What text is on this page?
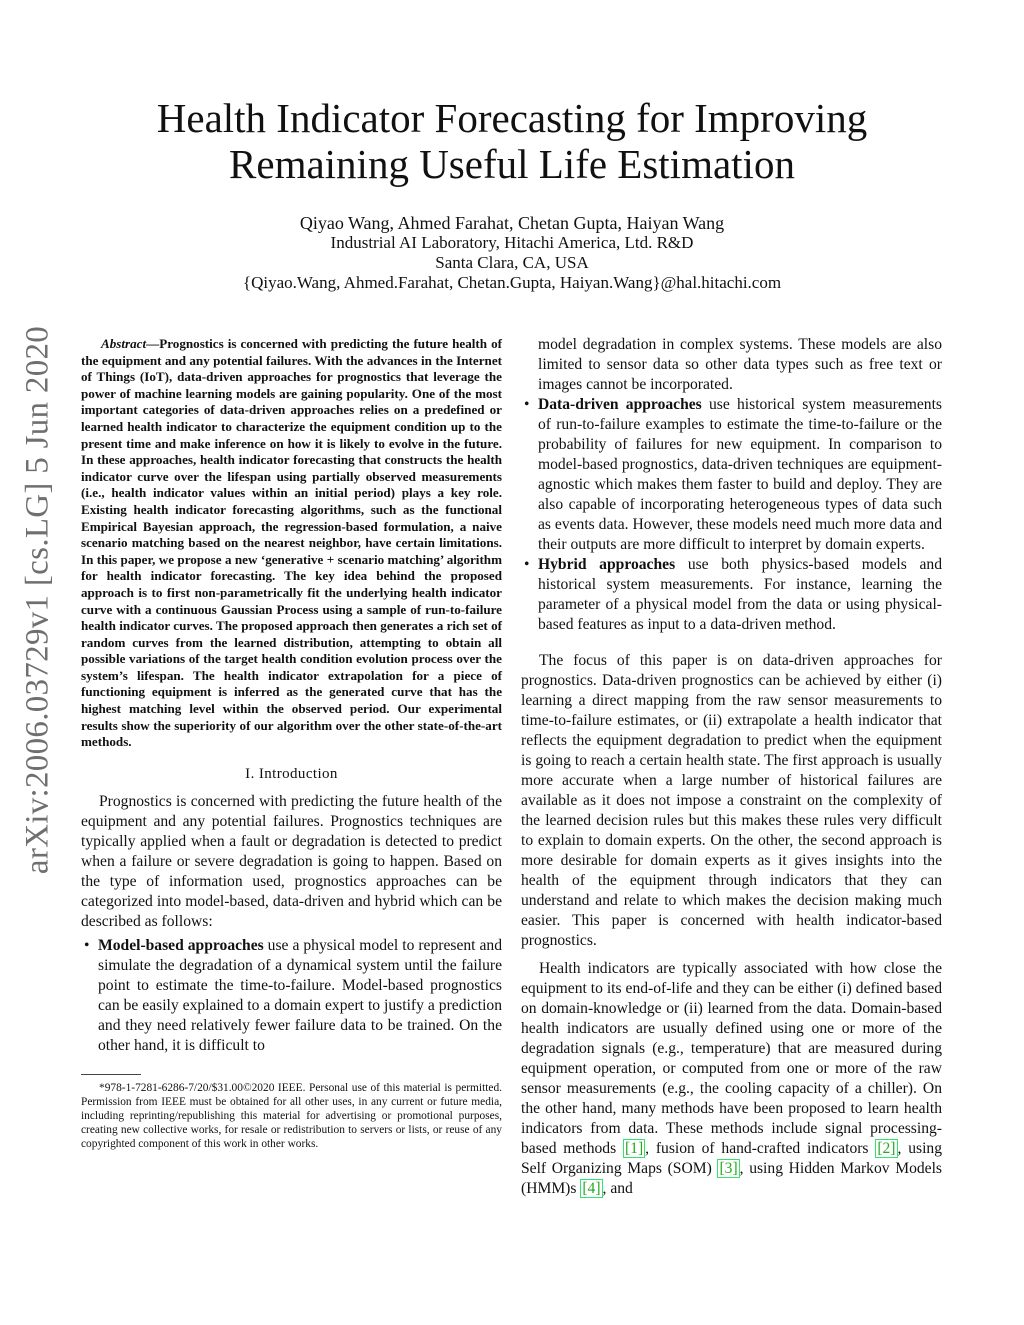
arXiv:2006.03729v1 [cs.LG] 5 Jun 2020
Health Indicator Forecasting for Improving
Remaining Useful Life Estimation
Qiyao Wang, Ahmed Farahat, Chetan Gupta, Haiyan Wang
Industrial AI Laboratory, Hitachi America, Ltd. R&D
Santa Clara, CA, USA
{Qiyao.Wang, Ahmed.Farahat, Chetan.Gupta, Haiyan.Wang}@hal.hitachi.com

Abstract—Prognostics is concerned with predicting the future health of the equipment and any potential failures. With the advances in the Internet of Things (IoT), data-driven approaches for prognostics that leverage the power of machine learning models are gaining popularity. One of the most important categories of data-driven approaches relies on a predefined or learned health indicator to characterize the equipment condition up to the present time and make inference on how it is likely to evolve in the future. In these approaches, health indicator forecasting that constructs the health indicator curve over the lifespan using partially observed measurements (i.e., health indicator values within an initial period) plays a key role. Existing health indicator forecasting algorithms, such as the functional Empirical Bayesian approach, the regression-based formulation, a naive scenario matching based on the nearest neighbor, have certain limitations. In this paper, we propose a new ‘generative + scenario matching’ algorithm for health indicator forecasting. The key idea behind the proposed approach is to first non-parametrically fit the underlying health indicator curve with a continuous Gaussian Process using a sample of run-to-failure health indicator curves. The proposed approach then generates a rich set of random curves from the learned distribution, attempting to obtain all possible variations of the target health condition evolution process over the system’s lifespan. The health indicator extrapolation for a piece of functioning equipment is inferred as the generated curve that has the highest matching level within the observed period. Our experimental results show the superiority of our algorithm over the other state-of-the-art methods.

I. Introduction

Prognostics is concerned with predicting the future health of the equipment and any potential failures. Prognostics techniques are typically applied when a fault or degradation is detected to predict when a failure or severe degradation is going to happen. Based on the type of information used, prognostics approaches can be categorized into model-based, data-driven and hybrid which can be described as follows:

• Model-based approaches use a physical model to represent and simulate the degradation of a dynamical system until the failure point to estimate the time-to-failure. Model-based prognostics can be easily explained to a domain expert to justify a prediction and they need relatively fewer failure data to be trained. On the other hand, it is difficult to

*978-1-7281-6286-7/20/$31.00©2020 IEEE. Personal use of this material is permitted. Permission from IEEE must be obtained for all other uses, in any current or future media, including reprinting/republishing this material for advertising or promotional purposes, creating new collective works, for resale or redistribution to servers or lists, or reuse of any copyrighted component of this work in other works.

model degradation in complex systems. These models are also limited to sensor data so other data types such as free text or images cannot be incorporated.
• Data-driven approaches use historical system measurements of run-to-failure examples to estimate the time-to-failure or the probability of failures for new equipment. In comparison to model-based prognostics, data-driven techniques are equipment-agnostic which makes them faster to build and deploy. They are also capable of incorporating heterogeneous types of data such as events data. However, these models need much more data and their outputs are more difficult to interpret by domain experts.
• Hybrid approaches use both physics-based models and historical system measurements. For instance, learning the parameter of a physical model from the data or using physical-based features as input to a data-driven method.

The focus of this paper is on data-driven approaches for prognostics. Data-driven prognostics can be achieved by either (i) learning a direct mapping from the raw sensor measurements to time-to-failure estimates, or (ii) extrapolate a health indicator that reflects the equipment degradation to predict when the equipment is going to reach a certain health state. The first approach is usually more accurate when a large number of historical failures are available as it does not impose a constraint on the complexity of the learned decision rules but this makes these rules very difficult to explain to domain experts. On the other, the second approach is more desirable for domain experts as it gives insights into the health of the equipment through indicators that they can understand and relate to which makes the decision making much easier. This paper is concerned with health indicator-based prognostics.

Health indicators are typically associated with how close the equipment to its end-of-life and they can be either (i) defined based on domain-knowledge or (ii) learned from the data. Domain-based health indicators are usually defined using one or more of the degradation signals (e.g., temperature) that are measured during equipment operation, or computed from one or more of the raw sensor measurements (e.g., the cooling capacity of a chiller). On the other hand, many methods have been proposed to learn health indicators from data. These methods include signal processing-based methods [1] , fusion of hand-crafted indicators [2] , using Self Organizing Maps (SOM) [3] , using Hidden Markov Models (HMM)s [4] , and
